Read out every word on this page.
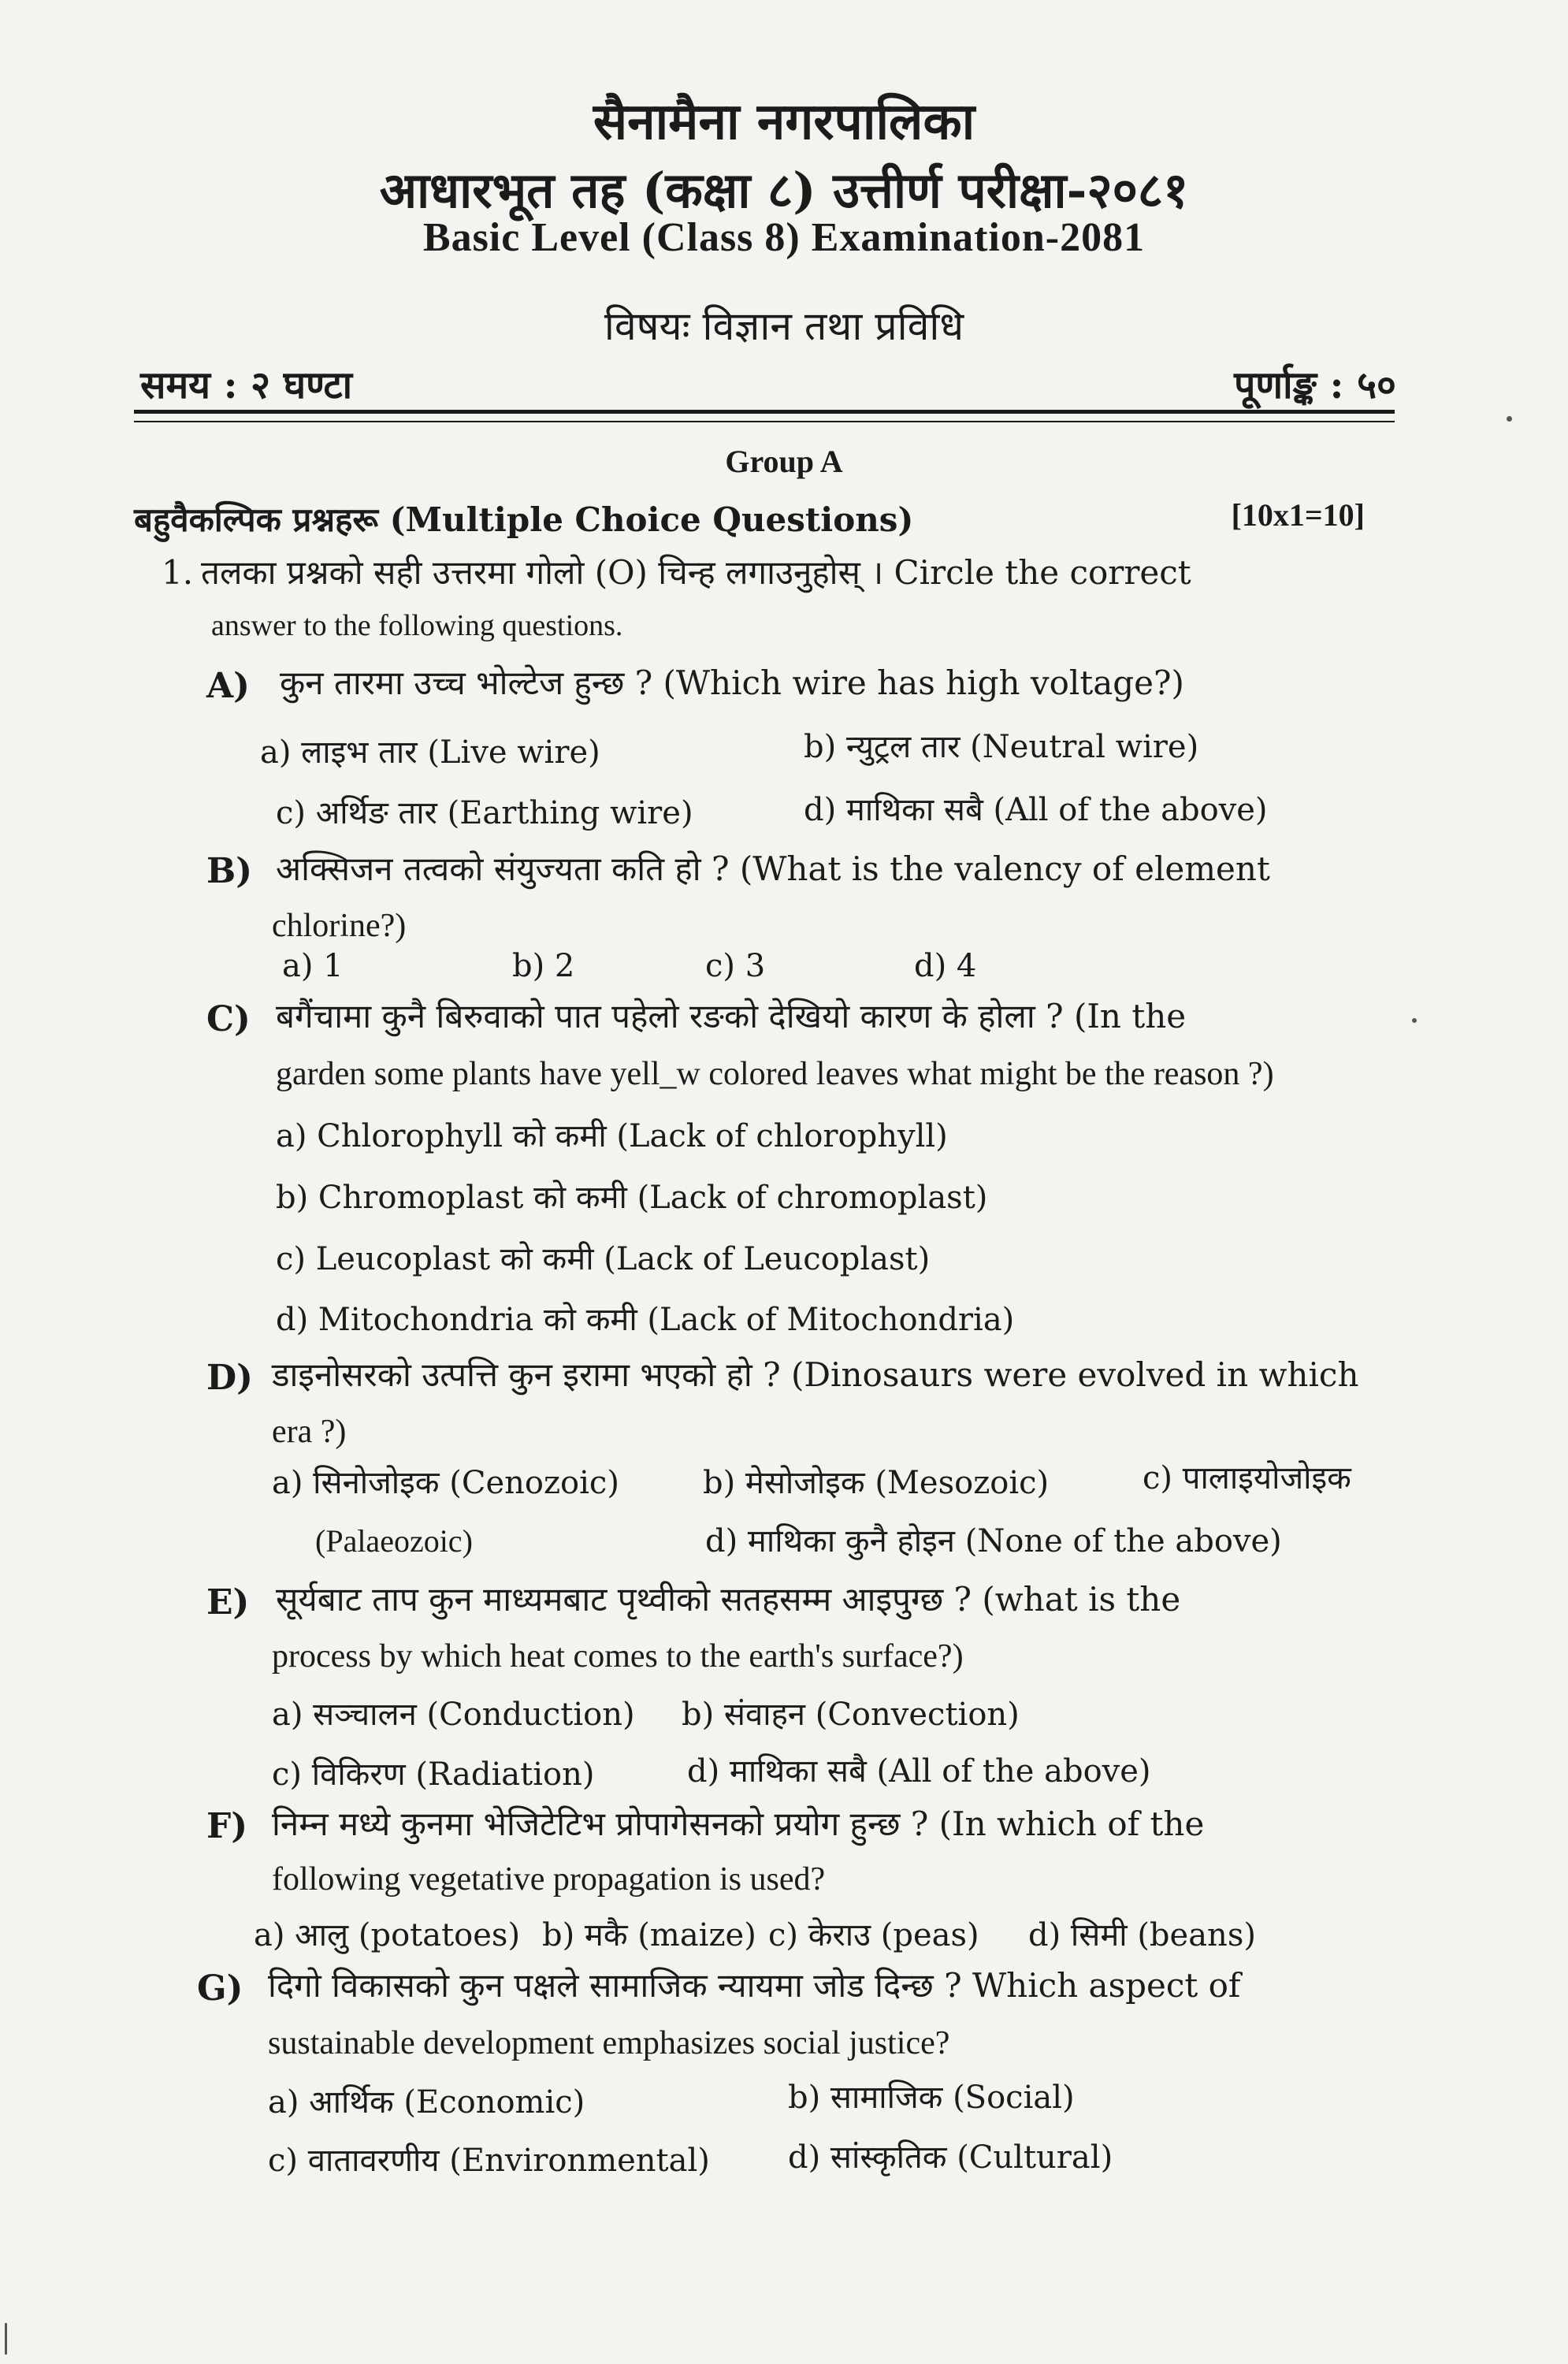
सैनामैना नगरपालिका
आधारभूत तह (कक्षा ८) उत्तीर्ण परीक्षा-२०८१
Basic Level (Class 8) Examination-2081
विषयः विज्ञान तथा प्रविधि
समय : २ घण्टा	पूर्णाङ्क : ५०
Group A
बहुवैकल्पिक प्रश्नहरू (Multiple Choice Questions)	[10x1=10]
1. तलका प्रश्नको सही उत्तरमा गोलो (O) चिन्ह लगाउनुहोस् । Circle the correct
answer to the following questions.
A) कुन तारमा उच्च भोल्टेज हुन्छ ? (Which wire has high voltage?)
a) लाइभ तार (Live wire)	b) न्युट्रल तार (Neutral wire)
c) अर्थिङ तार (Earthing wire)	d) माथिका सबै (All of the above)
B) अक्सिजन तत्वको संयुज्यता कति हो ? (What is the valency of element
chlorine?)
a) 1	b) 2	c) 3	d) 4
C) बगैंचामा कुनै बिरुवाको पात पहेलो रङको देखियो कारण के होला ? (In the
garden some plants have yell_w colored leaves what might be the reason ?)
a) Chlorophyll को कमी (Lack of chlorophyll)
b) Chromoplast को कमी (Lack of chromoplast)
c) Leucoplast को कमी (Lack of Leucoplast)
d) Mitochondria को कमी (Lack of Mitochondria)
D) डाइनोसरको उत्पत्ति कुन इरामा भएको हो ? (Dinosaurs were evolved in which
era ?)
a) सिनोजोइक (Cenozoic)	b) मेसोजोइक (Mesozoic)	c) पालाइयोजोइक
(Palaeozoic)	d) माथिका कुनै होइन (None of the above)
E) सूर्यबाट ताप कुन माध्यमबाट पृथ्वीको सतहसम्म आइपुग्छ ? (what is the
process by which heat comes to the earth's surface?)
a) सञ्चालन (Conduction) b) संवाहन (Convection)
c) विकिरण (Radiation)	d) माथिका सबै (All of the above)
F) निम्न मध्ये कुनमा भेजिटेटिभ प्रोपागेसनको प्रयोग हुन्छ ? (In which of the
following vegetative propagation is used?
a) आलु (potatoes) b) मकै (maize) c) केराउ (peas) d) सिमी (beans)
G) दिगो विकासको कुन पक्षले सामाजिक न्यायमा जोड दिन्छ ? Which aspect of
sustainable development emphasizes social justice?
a) आर्थिक (Economic)	b) सामाजिक (Social)
c) वातावरणीय (Environmental) d) सांस्कृतिक (Cultural)
